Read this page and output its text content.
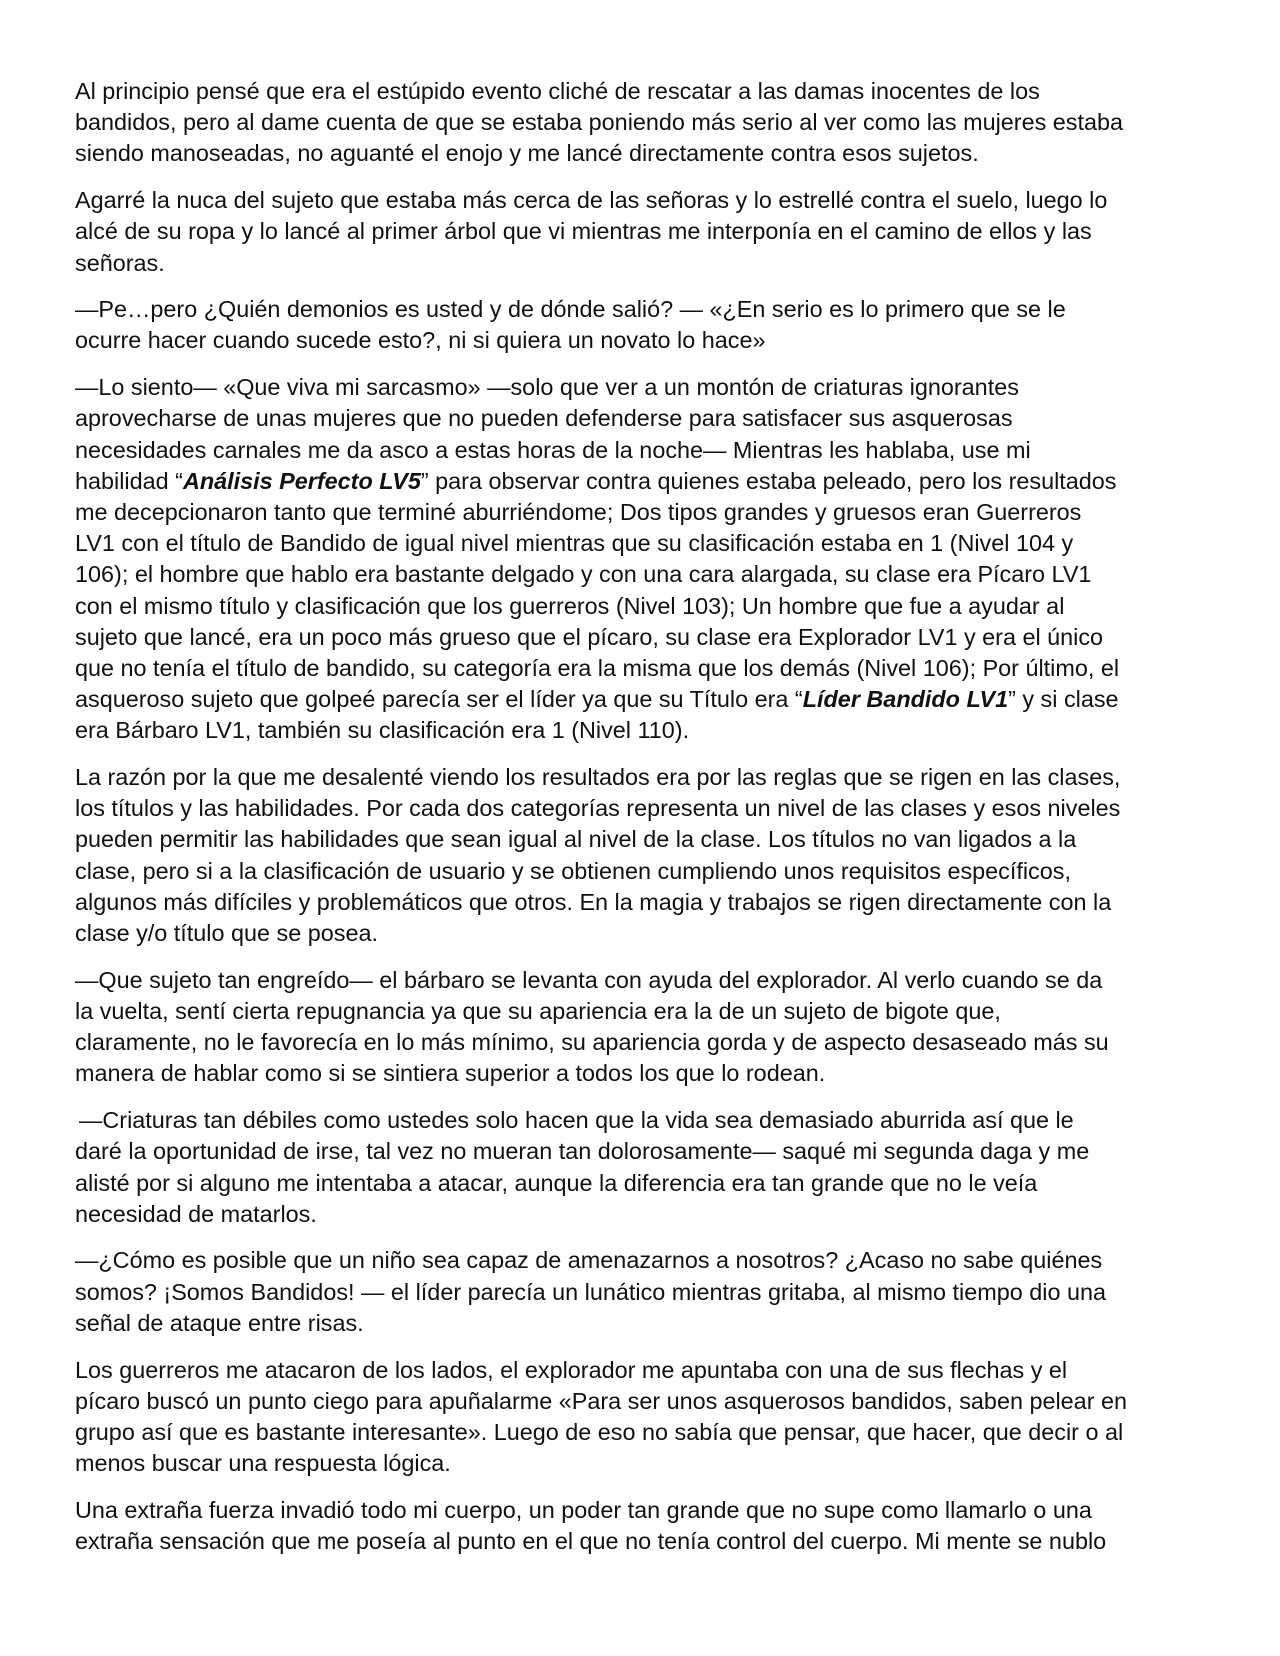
Al principio pensé que era el estúpido evento cliché de rescatar a las damas inocentes de los
bandidos, pero al dame cuenta de que se estaba poniendo más serio al ver como las mujeres estaba
siendo manoseadas, no aguanté el enojo y me lancé directamente contra esos sujetos.

Agarré la nuca del sujeto que estaba más cerca de las señoras y lo estrellé contra el suelo, luego lo
alcé de su ropa y lo lancé al primer árbol que vi mientras me interponía en el camino de ellos y las
señoras.

—Pe…pero ¿Quién demonios es usted y de dónde salió? — «¿En serio es lo primero que se le
ocurre hacer cuando sucede esto?, ni si quiera un novato lo hace»

—Lo siento— «Que viva mi sarcasmo» —solo que ver a un montón de criaturas ignorantes
aprovecharse de unas mujeres que no pueden defenderse para satisfacer sus asquerosas
necesidades carnales me da asco a estas horas de la noche— Mientras les hablaba, use mi
habilidad “Análisis Perfecto LV5” para observar contra quienes estaba peleado, pero los resultados
me decepcionaron tanto que terminé aburriéndome; Dos tipos grandes y gruesos eran Guerreros
LV1 con el título de Bandido de igual nivel mientras que su clasificación estaba en 1 (Nivel 104 y
106); el hombre que hablo era bastante delgado y con una cara alargada, su clase era Pícaro LV1
con el mismo título y clasificación que los guerreros (Nivel 103); Un hombre que fue a ayudar al
sujeto que lancé, era un poco más grueso que el pícaro, su clase era Explorador LV1 y era el único
que no tenía el título de bandido, su categoría era la misma que los demás (Nivel 106); Por último, el
asqueroso sujeto que golpeé parecía ser el líder ya que su Título era “Líder Bandido LV1” y si clase
era Bárbaro LV1, también su clasificación era 1 (Nivel 110).

La razón por la que me desalenté viendo los resultados era por las reglas que se rigen en las clases,
los títulos y las habilidades. Por cada dos categorías representa un nivel de las clases y esos niveles
pueden permitir las habilidades que sean igual al nivel de la clase. Los títulos no van ligados a la
clase, pero si a la clasificación de usuario y se obtienen cumpliendo unos requisitos específicos,
algunos más difíciles y problemáticos que otros. En la magia y trabajos se rigen directamente con la
clase y/o título que se posea.

—Que sujeto tan engreído— el bárbaro se levanta con ayuda del explorador. Al verlo cuando se da
la vuelta, sentí cierta repugnancia ya que su apariencia era la de un sujeto de bigote que,
claramente, no le favorecía en lo más mínimo, su apariencia gorda y de aspecto desaseado más su
manera de hablar como si se sintiera superior a todos los que lo rodean.

—Criaturas tan débiles como ustedes solo hacen que la vida sea demasiado aburrida así que le
daré la oportunidad de irse, tal vez no mueran tan dolorosamente— saqué mi segunda daga y me
alisté por si alguno me intentaba a atacar, aunque la diferencia era tan grande que no le veía
necesidad de matarlos.

—¿Cómo es posible que un niño sea capaz de amenazarnos a nosotros? ¿Acaso no sabe quiénes
somos? ¡Somos Bandidos! — el líder parecía un lunático mientras gritaba, al mismo tiempo dio una
señal de ataque entre risas.

Los guerreros me atacaron de los lados, el explorador me apuntaba con una de sus flechas y el
pícaro buscó un punto ciego para apuñalarme «Para ser unos asquerosos bandidos, saben pelear en
grupo así que es bastante interesante». Luego de eso no sabía que pensar, que hacer, que decir o al
menos buscar una respuesta lógica.

Una extraña fuerza invadió todo mi cuerpo, un poder tan grande que no supe como llamarlo o una
extraña sensación que me poseía al punto en el que no tenía control del cuerpo. Mi mente se nublo
